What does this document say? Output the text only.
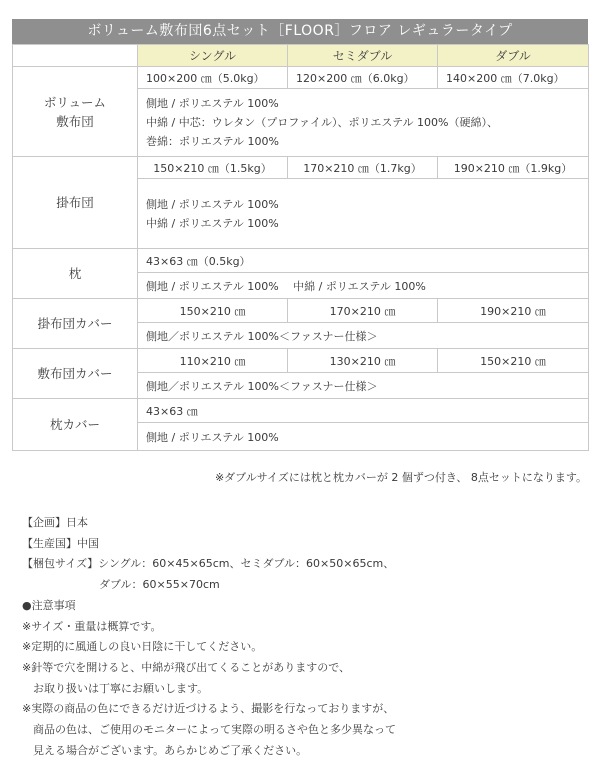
ボリューム敷布団6点セット［FLOOR］フロア レギュラータイプ
	シングル	セミダブル	ダブル

ボリューム
敷布団	100×200 ㎝（5.0kg）	120×200 ㎝（6.0kg）	140×200 ㎝（7.0kg）

	側地 / ポリエステル 100%
中綿 / 中芯：ウレタン（プロファイル）、ポリエステル 100%（硬綿）、
巻綿：ポリエステル 100%		

掛布団	150×210 ㎝（1.5kg）	170×210 ㎝（1.7kg）	190×210 ㎝（1.9kg）

	側地 / ポリエステル 100%
中綿 / ポリエステル 100%		

枕	43×63 ㎝（0.5kg）		
	側地 / ポリエステル 100%　 中綿 / ポリエステル 100%		
掛布団カバー	150×210 ㎝	170×210 ㎝	190×210 ㎝
	側地／ポリエステル 100%＜ファスナー仕様＞		
敷布団カバー	110×210 ㎝	130×210 ㎝	150×210 ㎝
	側地／ポリエステル 100%＜ファスナー仕様＞		
枕カバー	43×63 ㎝		
	側地 / ポリエステル 100%		
※ダブルサイズには枕と枕カバーが 2 個ずつ付き、 8点セットになります。

【企画】日本

【生産国】中国

【梱包サイズ】シングル：60×45×65cm、セミダブル：60×50×65cm、

　　　　　　　ダブル：60×55×70cm

●注意事項

※サイズ・重量は概算です。

※定期的に風通しの良い日陰に干してください。

※針等で穴を開けると、中綿が飛び出てくることがありますので、

　お取り扱いは丁寧にお願いします。

※実際の商品の色にできるだけ近づけるよう、撮影を行なっておりますが、

　商品の色は、ご使用のモニターによって実際の明るさや色と多少異なって

　見える場合がございます。あらかじめご了承ください。
